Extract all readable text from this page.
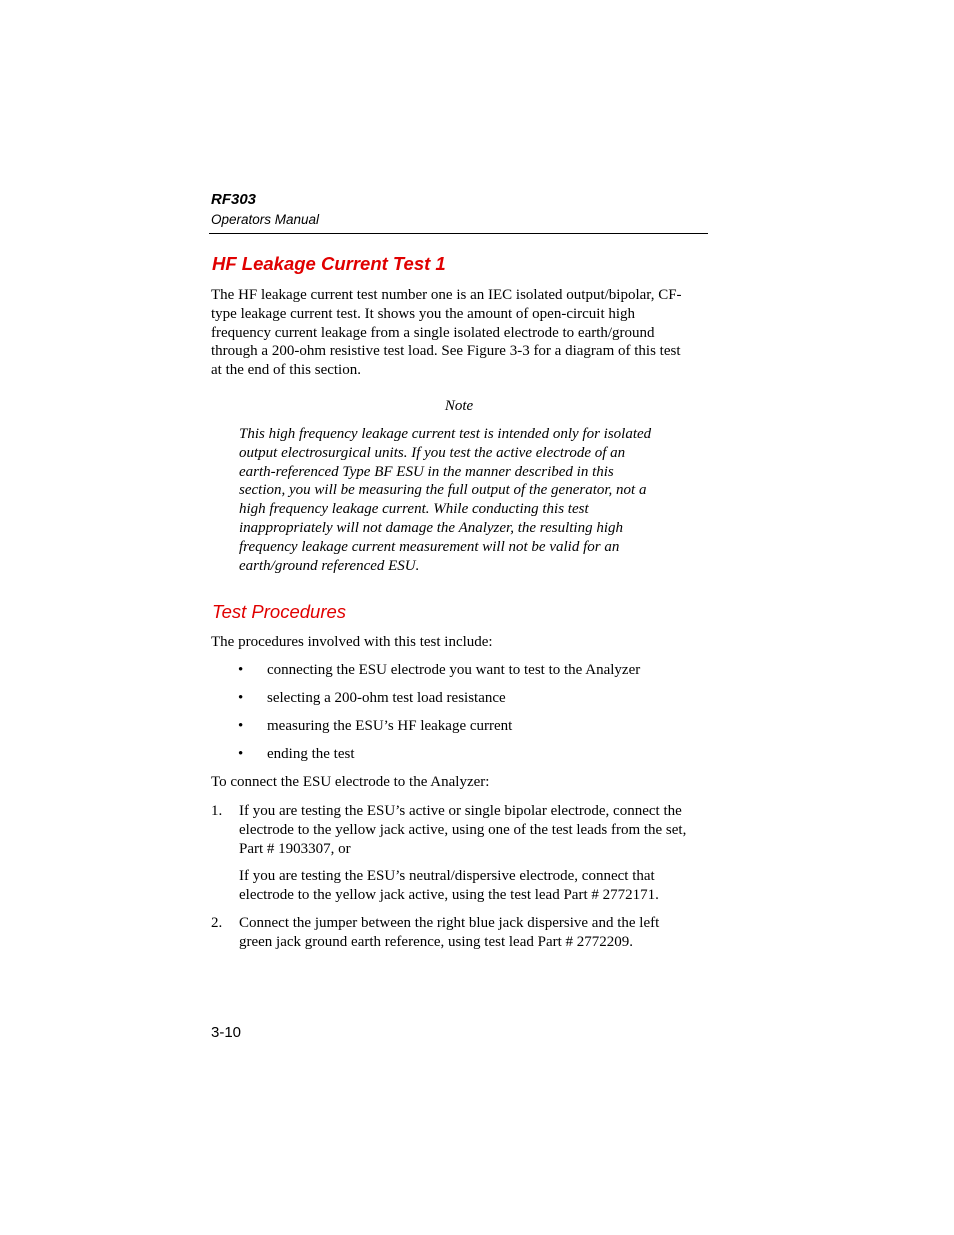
RF303
Operators Manual
HF Leakage Current Test 1
The HF leakage current test number one is an IEC isolated output/bipolar, CF-
type leakage current test. It shows you the amount of open-circuit high
frequency current leakage from a single isolated electrode to earth/ground
through a 200-ohm resistive test load. See Figure 3-3 for a diagram of this test
at the end of this section.
Note
This high frequency leakage current test is intended only for isolated
output electrosurgical units. If you test the active electrode of an
earth-referenced Type BF ESU in the manner described in this
section, you will be measuring the full output of the generator, not a
high frequency leakage current. While conducting this test
inappropriately will not damage the Analyzer, the resulting high
frequency leakage current measurement will not be valid for an
earth/ground referenced ESU.
Test Procedures
The procedures involved with this test include:
• connecting the ESU electrode you want to test to the Analyzer
• selecting a 200-ohm test load resistance
• measuring the ESU’s HF leakage current
• ending the test
To connect the ESU electrode to the Analyzer:
1. If you are testing the ESU’s active or single bipolar electrode, connect the
electrode to the yellow jack active, using one of the test leads from the set,
Part # 1903307, or
If you are testing the ESU’s neutral/dispersive electrode, connect that
electrode to the yellow jack active, using the test lead Part # 2772171.
2. Connect the jumper between the right blue jack dispersive and the left
green jack ground earth reference, using test lead Part # 2772209.
3-10
